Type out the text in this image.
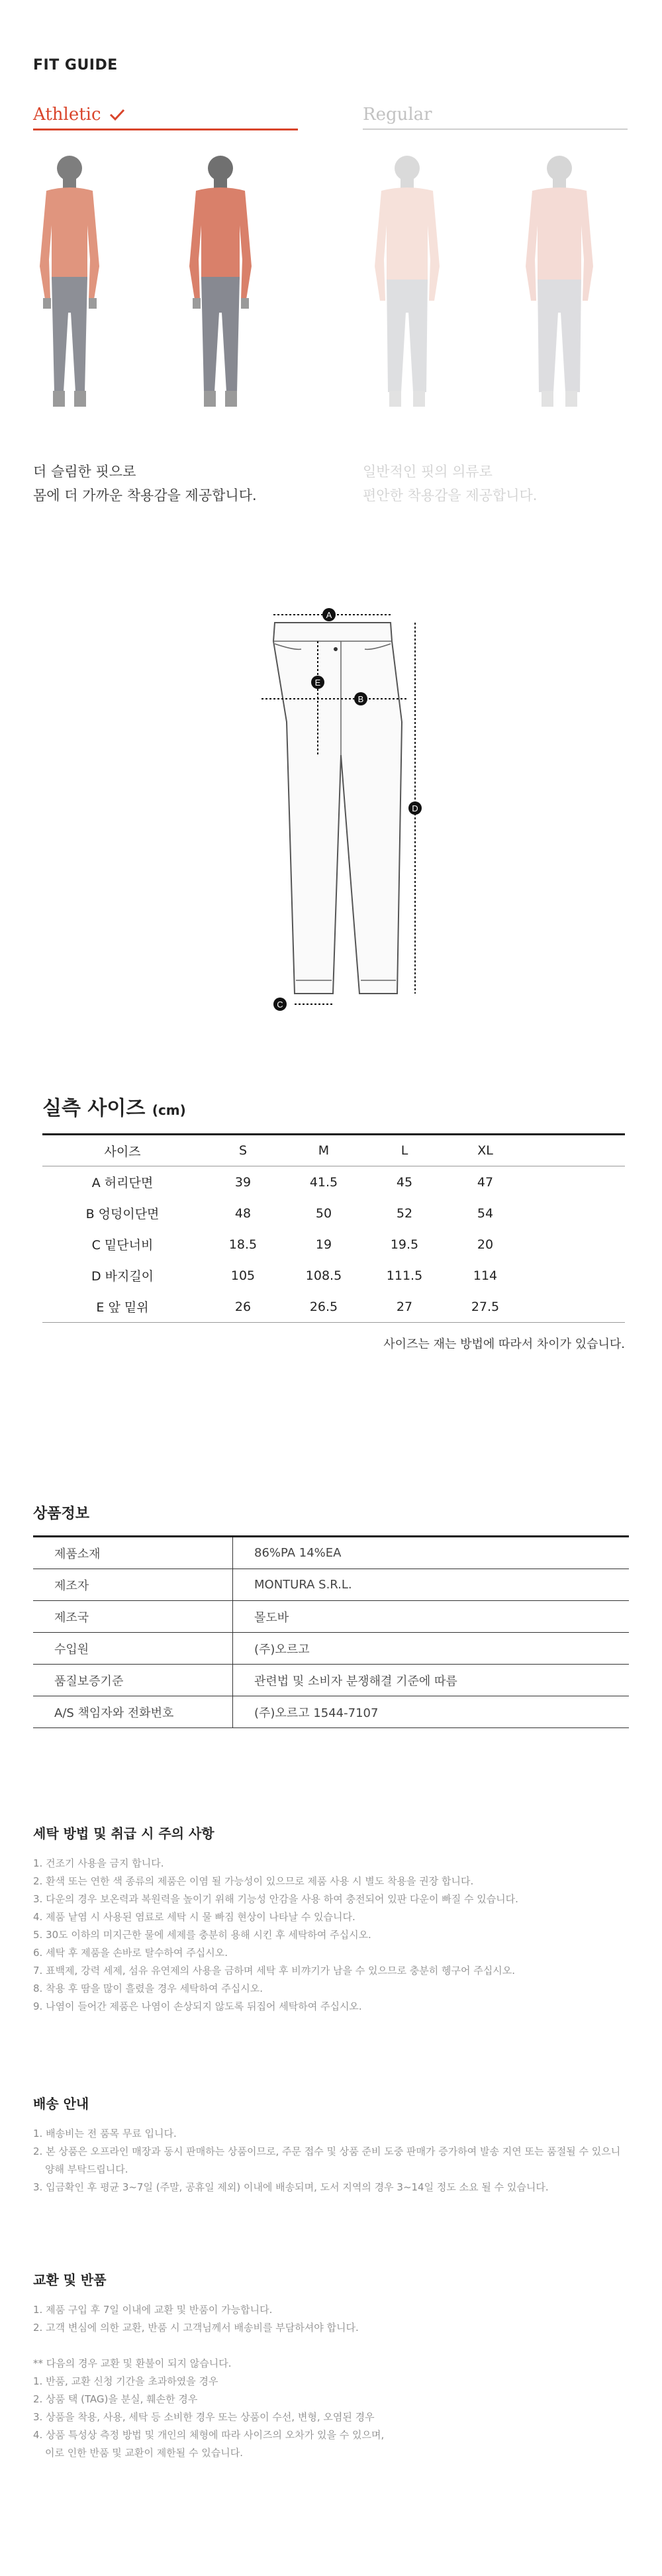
FIT GUIDE
Athletic	Regular
더 슬림한 핏으로
몸에 더 가까운 착용감을 제공합니다.
일반적인 핏의 의류로
편안한 착용감을 제공합니다.
A
B
C
D
E
실측 사이즈 (cm)
사이즈	S	M	L	XL	
A 허리단면	39	41.5	45	47	
B 엉덩이단면	48	50	52	54	
C 밑단너비	18.5	19	19.5	20	
D 바지길이	105	108.5	111.5	114	
E 앞 밑위	26	26.5	27	27.5	
사이즈는 재는 방법에 따라서 차이가 있습니다.
상품정보
제품소재	86%PA 14%EA
제조자	MONTURA S.R.L.
제조국	몰도바
수입원	(주)오르고
품질보증기준	관련법 및 소비자 분쟁해결 기준에 따름
A/S 책임자와 전화번호	(주)오르고 1544-7107
세탁 방법 및 취급 시 주의 사항
1. 건조기 사용을 금지 합니다.
2. 환색 또는 연한 색 종류의 제품은 이염 될 가능성이 있으므로 제품 사용 시 별도 착용을 권장 합니다.
3. 다운의 경우 보온력과 복원력을 높이기 위해 기능성 안감을 사용 하여 충전되어 있판 다운이 빠질 수 있습니다.
4. 제품 낱염 시 사용된 염료로 세탁 시 물 빠짐 현상이 나타날 수 있습니다.
5. 30도 이하의 미지근한 물에 세제를 충분히 용해 시킨 후 세탁하여 주십시오.
6. 세탁 후 제품을 손바로 탈수하여 주십시오.
7. 표백제, 강력 세제, 섬유 유연제의 사용을 금하며 세탁 후 비꺄기가 남을 수 있으므로 충분히 헹구어 주십시오.
8. 착용 후 땀을 많이 흘렸을 경우 세탁하여 주십시오.
9. 나염이 들어간 제품은 나염이 손상되지 않도록 뒤집어 세탁하여 주십시오.
배송 안내
1. 배송비는 전 품목 무료 입니다.
2. 본 상품은 오프라인 매장과 동시 판매하는 상품이므로, 주문 접수 및 상품 준비 도중 판매가 증가하여 발송 지연 또는 품절될 수 있으니
양해 부탁드립니다.
3. 입금확인 후 평균 3~7일 (주말, 공휴일 제외) 이내에 배송되며, 도서 지역의 경우 3~14일 정도 소요 될 수 있습니다.
교환 및 반품
1. 제품 구입 후 7일 이내에 교환 및 반품이 가능합니다.
2. 고객 변심에 의한 교환, 반품 시 고객님께서 배송비를 부담하셔야 합니다.
** 다음의 경우 교환 및 환불이 되지 않습니다.
1. 반품, 교환 신청 기간을 초과하였을 경우
2. 상품 택 (TAG)을 분실, 훼손한 경우
3. 상품을 착용, 사용, 세탁 등 소비한 경우 또는 상품이 수선, 변형, 오염된 경우
4. 상품 특성상 측정 방법 및 개인의 체형에 따라 사이즈의 오차가 있을 수 있으며,
이로 인한 반품 및 교환이 제한될 수 있습니다.
